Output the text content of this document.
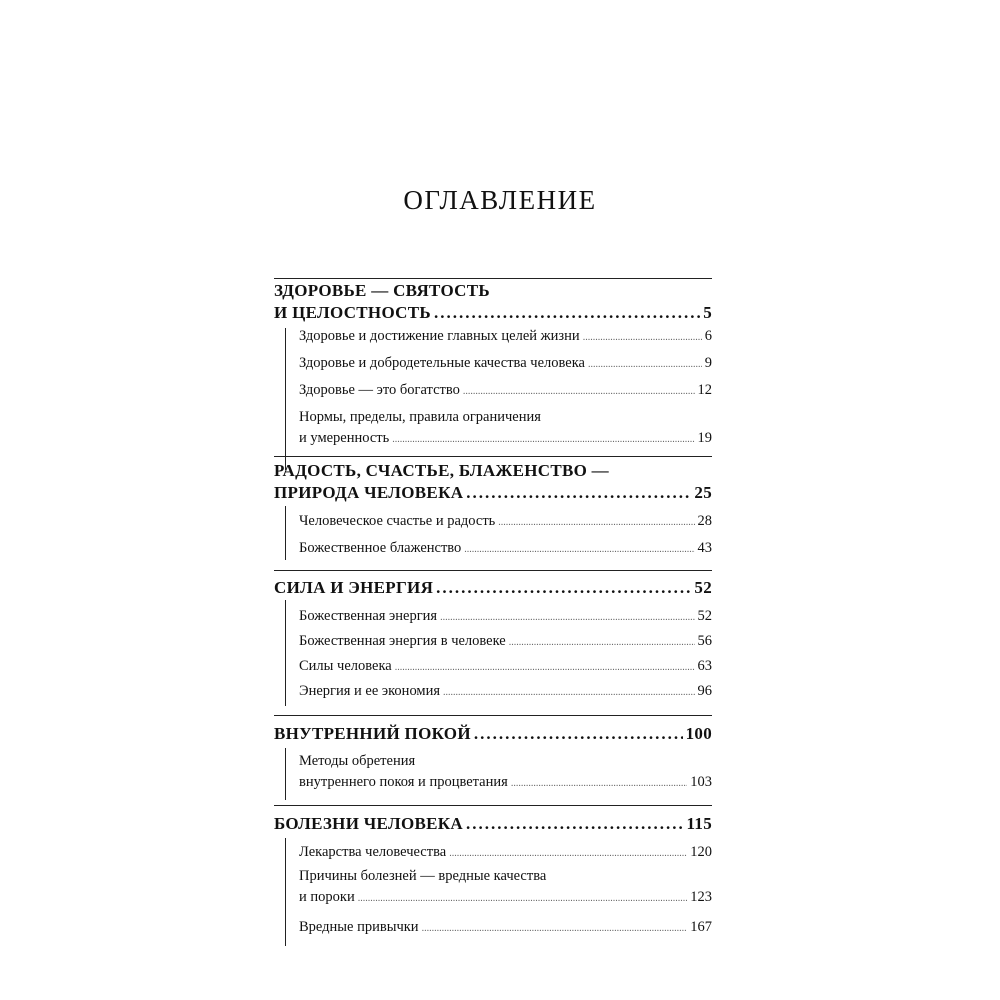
ОГЛАВЛЕНИЕ
ЗДОРОВЬЕ — СВЯТОСТЬ
И ЦЕЛОСТНОСТЬ .....	5
Здоровье и достижение главных целей жизни .....	6
Здоровье и добродетельные качества человека .....	9
Здоровье — это богатство .....	12
Нормы, пределы, правила ограничения
и умеренность .....	19
РАДОСТЬ, СЧАСТЬЕ, БЛАЖЕНСТВО —
ПРИРОДА ЧЕЛОВЕКА .....	25
Человеческое счастье и радость .....	28
Божественное блаженство .....	43
СИЛА И ЭНЕРГИЯ .....	52
Божественная энергия .....	52
Божественная энергия в человеке .....	56
Силы человека .....	63
Энергия и ее экономия .....	96
ВНУТРЕННИЙ ПОКОЙ .....	100
Методы обретения
внутреннего покоя и процветания .....	103
БОЛЕЗНИ ЧЕЛОВЕКА .....	115
Лекарства человечества .....	120
Причины болезней — вредные качества
и пороки .....	123
Вредные привычки .....	167
